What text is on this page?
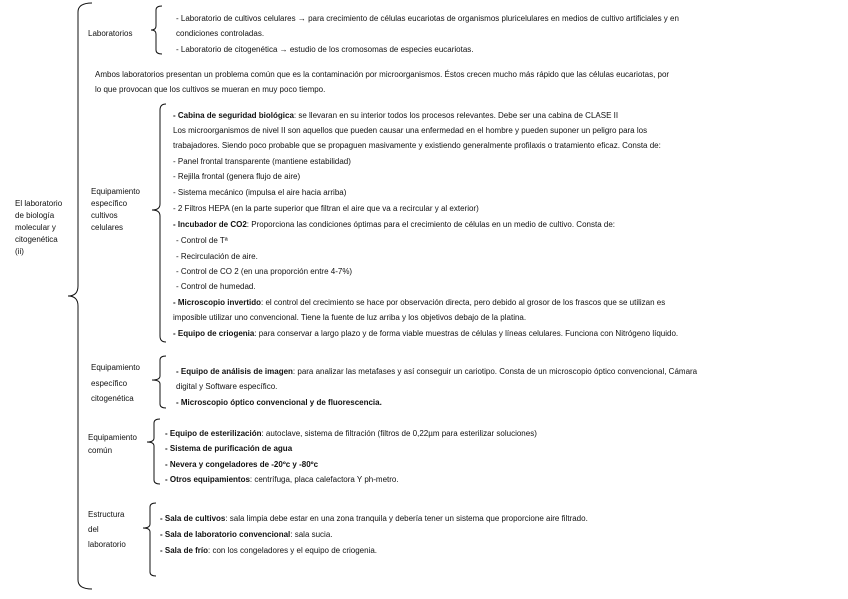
El laboratorio
de biología
molecular y
citogenética
(ii)
Laboratorios
- Laboratorio de cultivos celulares → para crecimiento de células eucariotas de organismos pluricelulares en medios de cultivo artificiales y en
condiciones controladas.
- Laboratorio de citogenética → estudio de los cromosomas de especies eucariotas.
Ambos laboratorios presentan un problema común que es la contaminación por microorganismos. Éstos crecen mucho más rápido que las células eucariotas, por
lo que provocan que los cultivos se mueran en muy poco tiempo.
Equipamiento
específico
cultivos
celulares
- Cabina de seguridad biológica: se llevaran en su interior todos los procesos relevantes. Debe ser una cabina de CLASE II
Los microorganismos de nivel II son aquellos que pueden causar una enfermedad en el hombre y pueden suponer un peligro para los
trabajadores. Siendo poco probable que se propaguen masivamente y existiendo generalmente profilaxis o tratamiento eficaz. Consta de:
- Panel frontal transparente (mantiene estabilidad)
- Rejilla frontal (genera flujo de aire)
- Sistema mecánico (impulsa el aire hacia arriba)
- 2 Filtros HEPA (en la parte superior que filtran el aire que va a recircular y al exterior)
- Incubador de CO2: Proporciona las condiciones óptimas para el crecimiento de células en un medio de cultivo. Consta de:
- Control de Tª
- Recirculación de aire.
- Control de CO 2 (en una proporción entre 4-7%)
- Control de humedad.
- Microscopio invertido: el control del crecimiento se hace por observación directa, pero debido al grosor de los frascos que se utilizan es
imposible utilizar uno convencional. Tiene la fuente de luz arriba y los objetivos debajo de la platina.
- Equipo de criogenia: para conservar a largo plazo y de forma viable muestras de células y líneas celulares. Funciona con Nitrógeno líquido.
Equipamiento
específico
citogenética
- Equipo de análisis de imagen: para analizar las metafases y así conseguir un cariotipo. Consta de un microscopio óptico convencional, Cámara
digital y Software específico.
- Microscopio óptico convencional y de fluorescencia.
Equipamiento
común
- Equipo de esterilización: autoclave, sistema de filtración (filtros de 0,22µm para esterilizar soluciones)
- Sistema de purificación de agua
- Nevera y congeladores de -20ºc y -80ºc
- Otros equipamientos: centrífuga, placa calefactora Y ph-metro.
Estructura
del
laboratorio
- Sala de cultivos: sala limpia debe estar en una zona tranquila y debería tener un sistema que proporcione aire filtrado.
- Sala de laboratorio convencional: sala sucia.
- Sala de frío: con los congeladores y el equipo de criogenia.
